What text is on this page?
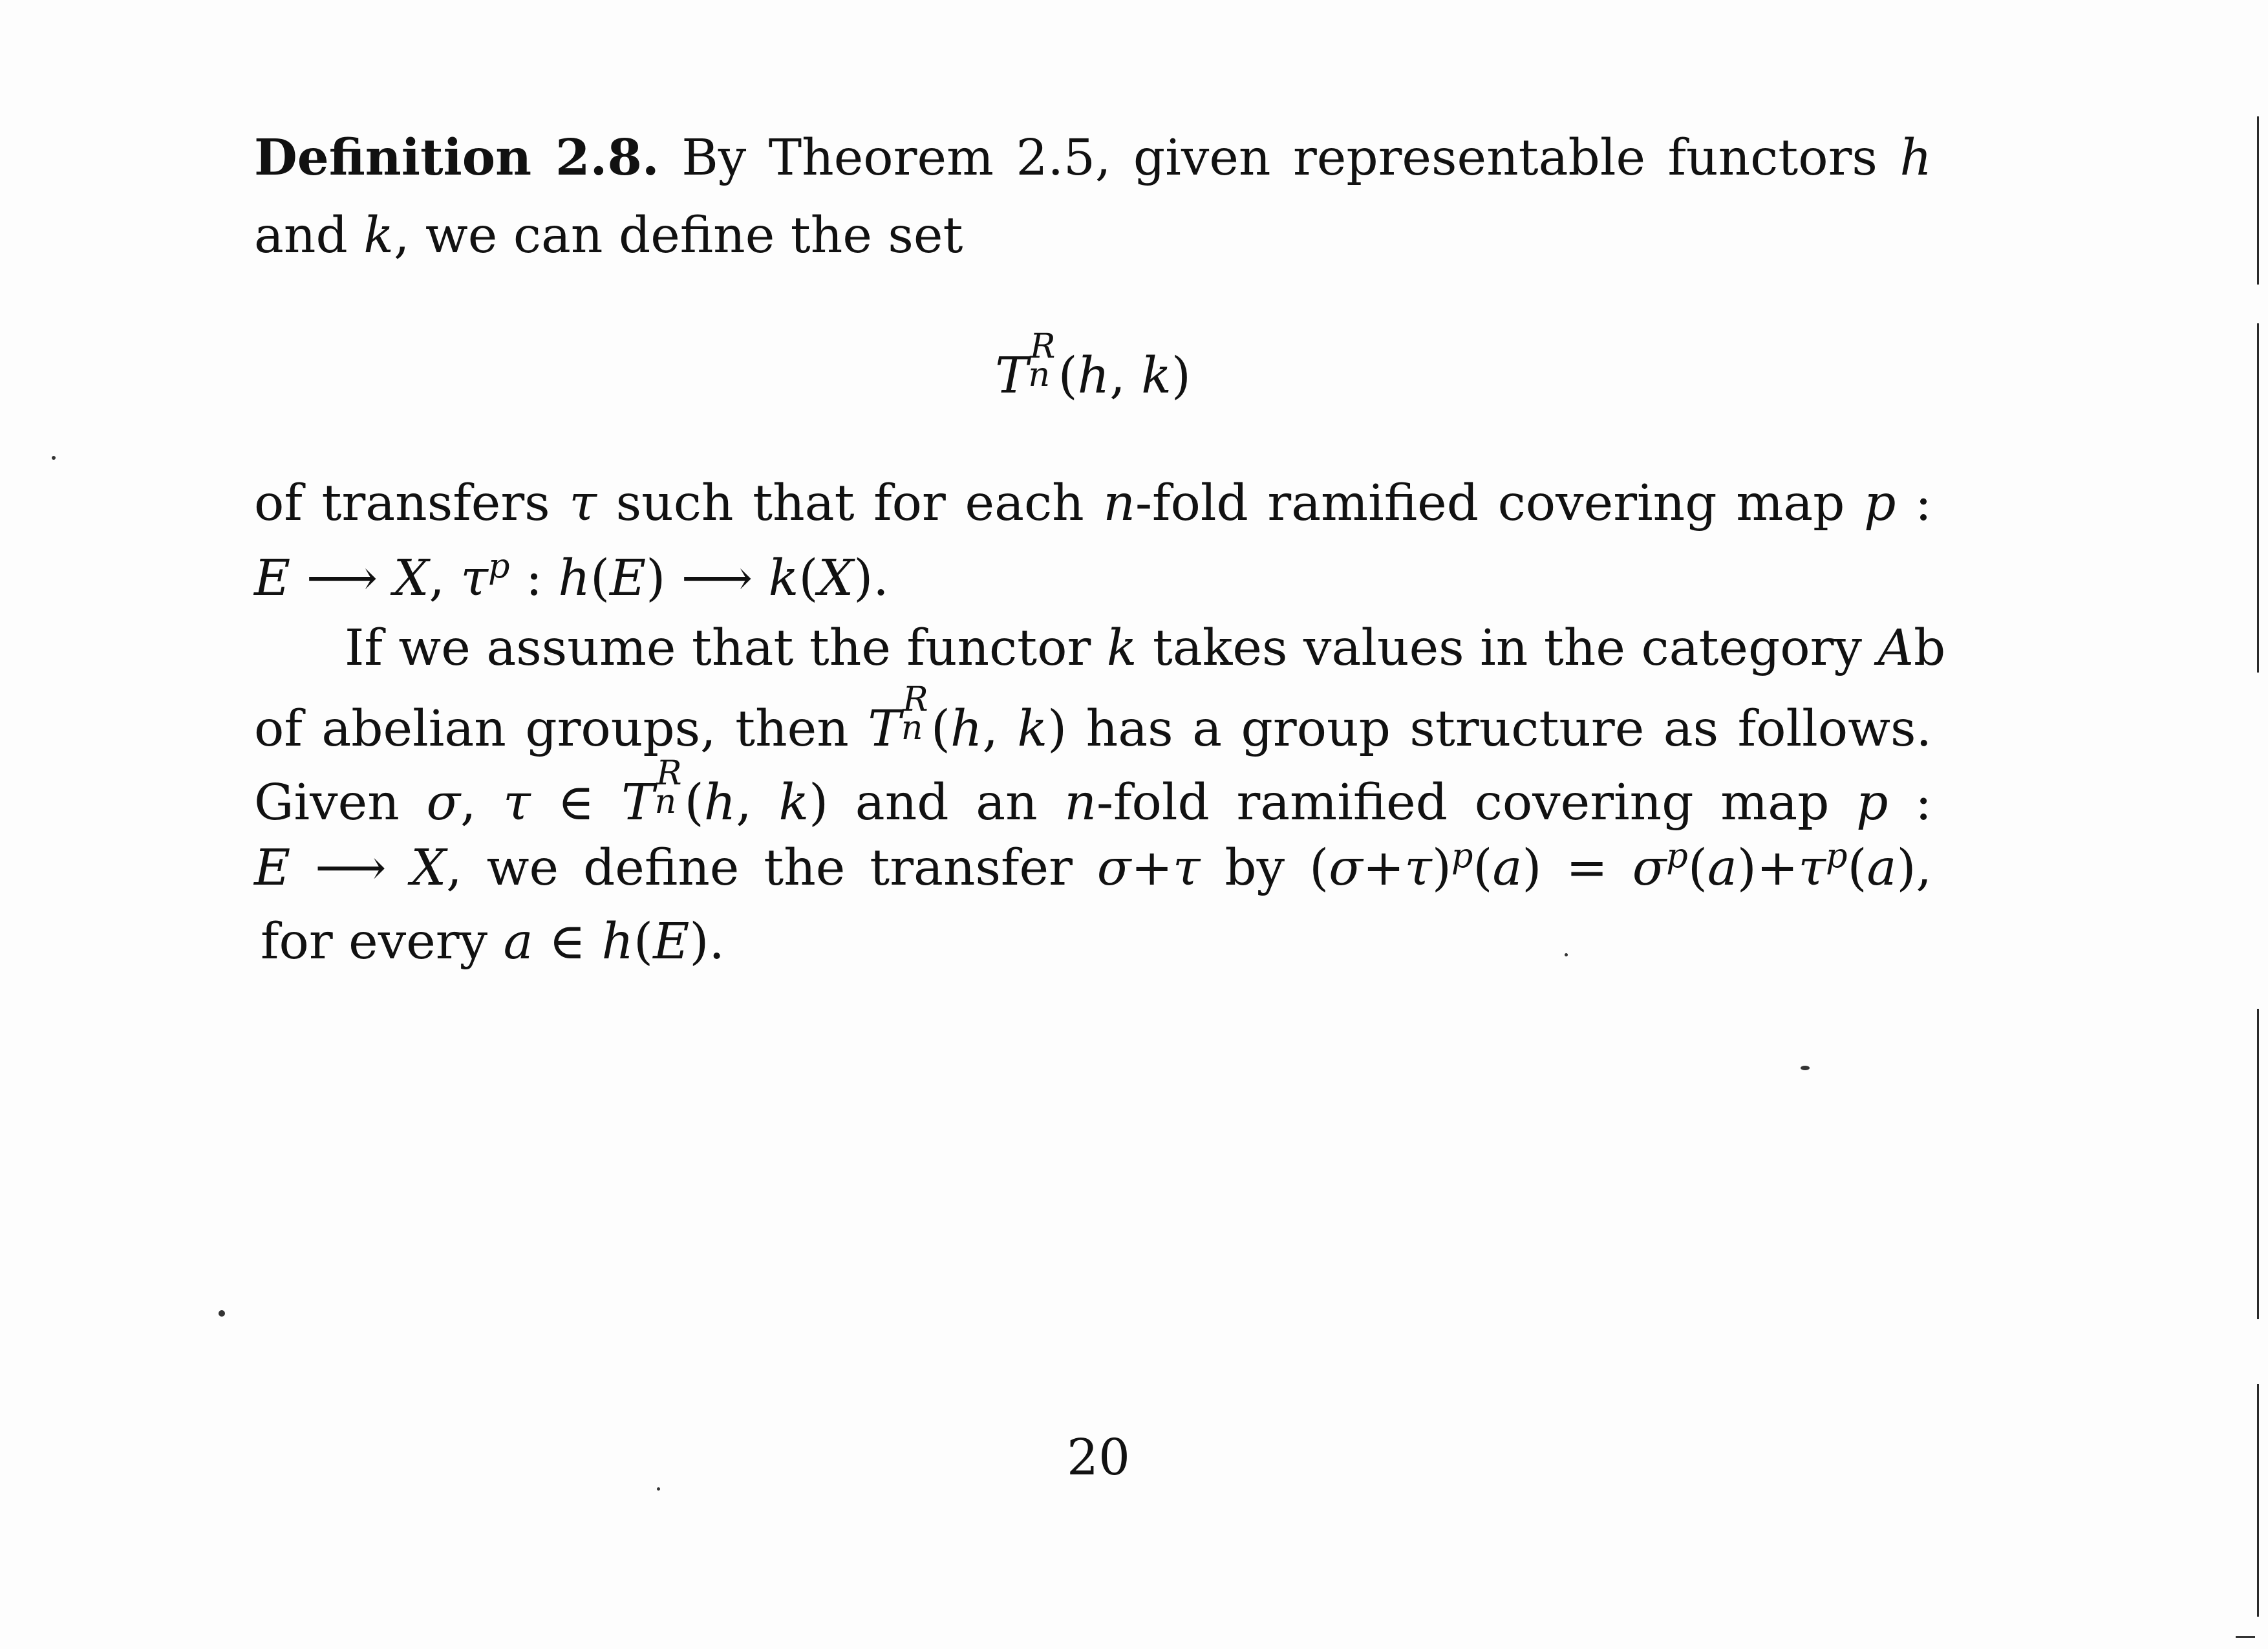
Definition 2.8. By Theorem 2.5, given representable functors h
and k, we can define the set
T
R
n (h, k)
of transfers τ such that for each n-fold ramified covering map p :
E ⟶ X, $\tau^p$ : h(E) ⟶ k(X).
If we assume that the functor k takes values in the category Ab
of abelian groups, then T
R
n (h, k) has a group structure as follows.
Given σ, τ ∈ T
R
n (h, k) and an n-fold ramified covering map p :
E ⟶ X, we define the transfer σ+τ by $(\sigma+\tau)^p(a) = \sigma^p(a)+\tau^p(a)$,
for every a ∈ h(E).
20
